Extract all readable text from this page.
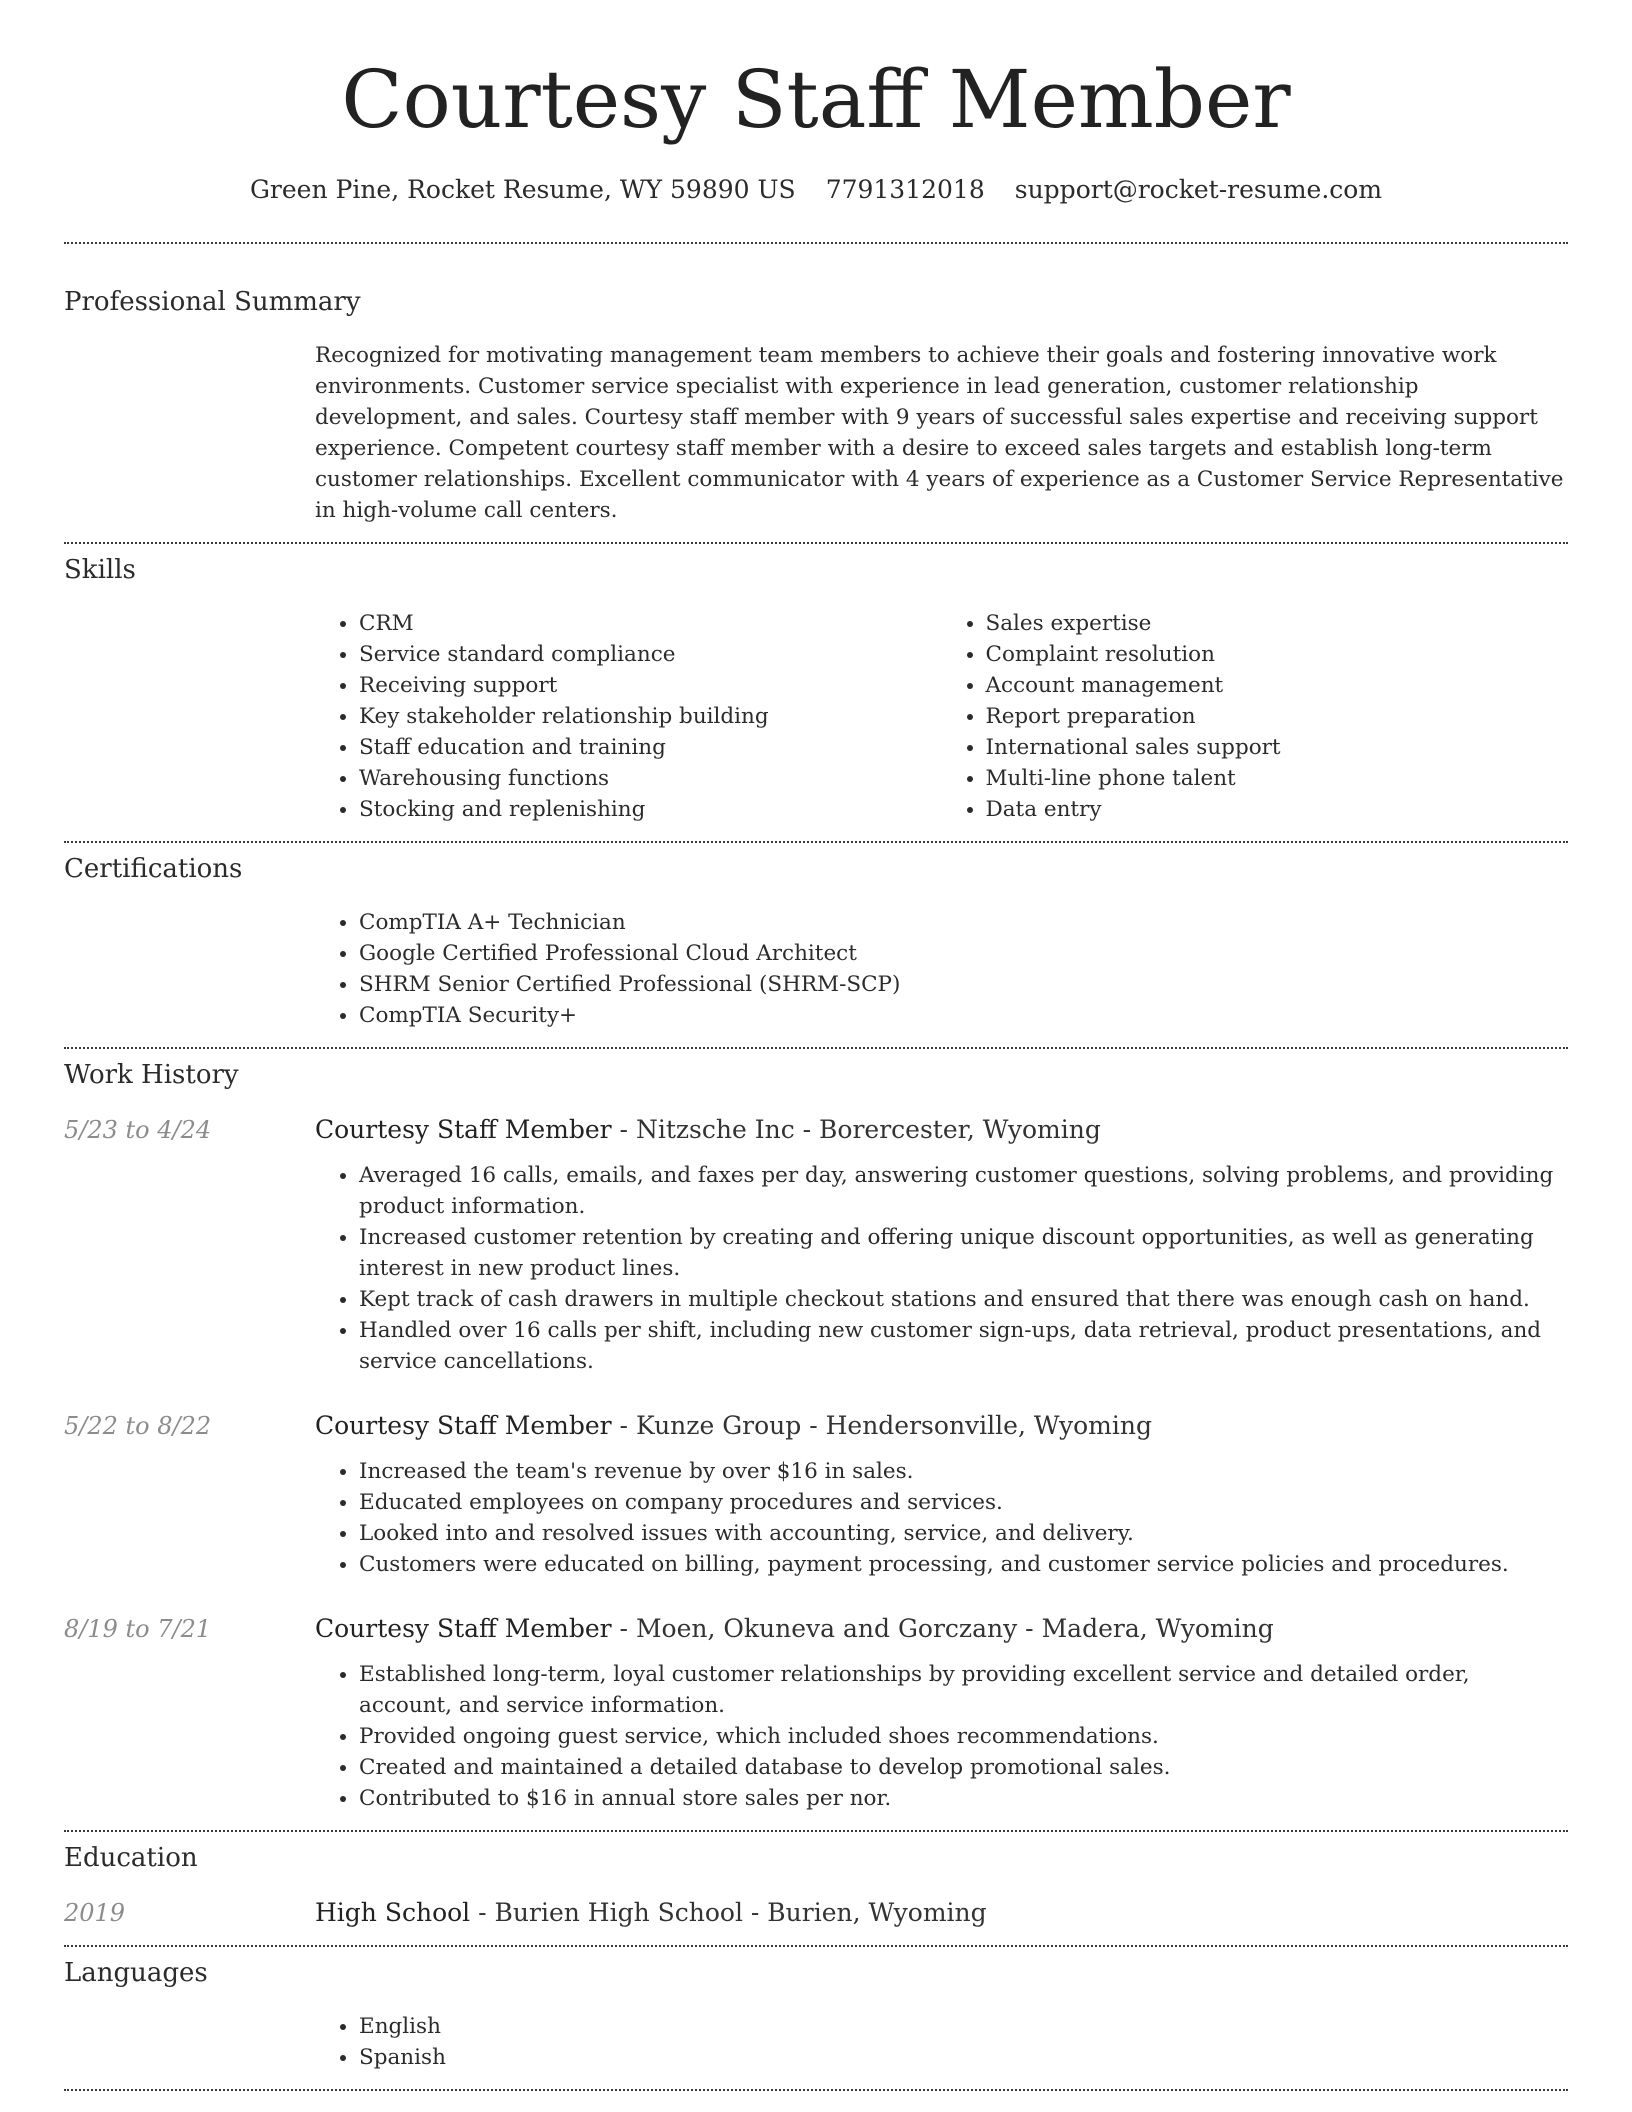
Courtesy Staff Member
Green Pine, Rocket Resume, WY 59890 US 7791312018 support@rocket-resume.com
Professional Summary

Recognized for motivating management team members to achieve their goals and fostering innovative work environments. Customer service specialist with experience in lead generation, customer relationship development, and sales. Courtesy staff member with 9 years of successful sales expertise and receiving support experience. Competent courtesy staff member with a desire to exceed sales targets and establish long-term customer relationships. Excellent communicator with 4 years of experience as a Customer Service Representative in high-volume call centers.

Skills
• CRM
• Service standard compliance
• Receiving support
• Key stakeholder relationship building
• Staff education and training
• Warehousing functions
• Stocking and replenishing
• Sales expertise
• Complaint resolution
• Account management
• Report preparation
• International sales support
• Multi-line phone talent
• Data entry
Certifications
• CompTIA A+ Technician
• Google Certified Professional Cloud Architect
• SHRM Senior Certified Professional (SHRM-SCP)
• CompTIA Security+
Work History
5/23 to 4/24	Courtesy Staff Member - Nitzsche Inc - Borercester, Wyoming
• Averaged 16 calls, emails, and faxes per day, answering customer questions, solving problems, and providing product information.
• Increased customer retention by creating and offering unique discount opportunities, as well as generating interest in new product lines.
• Kept track of cash drawers in multiple checkout stations and ensured that there was enough cash on hand.
• Handled over 16 calls per shift, including new customer sign-ups, data retrieval, product presentations, and service cancellations.
5/22 to 8/22	Courtesy Staff Member - Kunze Group - Hendersonville, Wyoming
• Increased the team's revenue by over $16 in sales.
• Educated employees on company procedures and services.
• Looked into and resolved issues with accounting, service, and delivery.
• Customers were educated on billing, payment processing, and customer service policies and procedures.
8/19 to 7/21	Courtesy Staff Member - Moen, Okuneva and Gorczany - Madera, Wyoming
• Established long-term, loyal customer relationships by providing excellent service and detailed order, account, and service information.
• Provided ongoing guest service, which included shoes recommendations.
• Created and maintained a detailed database to develop promotional sales.
• Contributed to $16 in annual store sales per nor.
Education
2019	High School - Burien High School - Burien, Wyoming
Languages
• English
• Spanish
